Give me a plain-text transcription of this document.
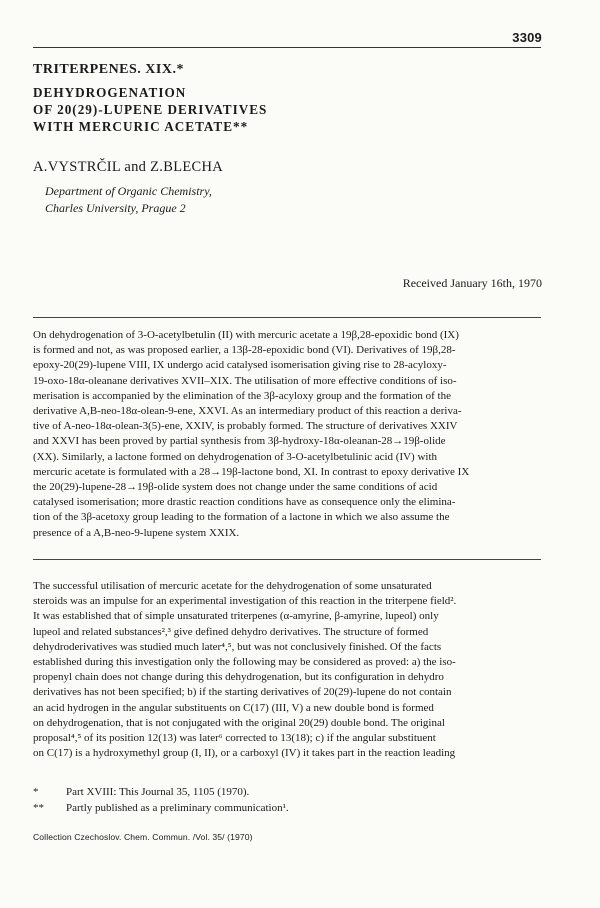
3309
TRITERPENES. XIX.*
DEHYDROGENATION
OF 20(29)-LUPENE DERIVATIVES
WITH MERCURIC ACETATE**
A.VYSTRČIL and Z.BLECHA
Department of Organic Chemistry,
Charles University, Prague 2
Received January 16th, 1970
On dehydrogenation of 3-O-acetylbetulin (II) with mercuric acetate a 19β,28-epoxidic bond (IX)
is formed and not, as was proposed earlier, a 13β-28-epoxidic bond (VI). Derivatives of 19β,28-
epoxy-20(29)-lupene VIII, IX undergo acid catalysed isomerisation giving rise to 28-acyloxy-
19-oxo-18α-oleanane derivatives XVII–XIX. The utilisation of more effective conditions of iso-
merisation is accompanied by the elimination of the 3β-acyloxy group and the formation of the
derivative A,B-neo-18α-olean-9-ene, XXVI. As an intermediary product of this reaction a deriva-
tive of A-neo-18α-olean-3(5)-ene, XXIV, is probably formed. The structure of derivatives XXIV
and XXVI has been proved by partial synthesis from 3β-hydroxy-18α-oleanan-28→19β-olide
(XX). Similarly, a lactone formed on dehydrogenation of 3-O-acetylbetulinic acid (IV) with
mercuric acetate is formulated with a 28→19β-lactone bond, XI. In contrast to epoxy derivative IX
the 20(29)-lupene-28→19β-olide system does not change under the same conditions of acid
catalysed isomerisation; more drastic reaction conditions have as consequence only the elimina-
tion of the 3β-acetoxy group leading to the formation of a lactone in which we also assume the
presence of a A,B-neo-9-lupene system XXIX.
The successful utilisation of mercuric acetate for the dehydrogenation of some unsaturated
steroids was an impulse for an experimental investigation of this reaction in the triterpene field².
It was established that of simple unsaturated triterpenes (α-amyrine, β-amyrine, lupeol) only
lupeol and related substances²,³ give defined dehydro derivatives. The structure of formed
dehydroderivatives was studied much later⁴,⁵, but was not conclusively finished. Of the facts
established during this investigation only the following may be considered as proved: a) the iso-
propenyl chain does not change during this dehydrogenation, but its configuration in dehydro
derivatives has not been specified; b) if the starting derivatives of 20(29)-lupene do not contain
an acid hydrogen in the angular substituents on C(17) (III, V) a new double bond is formed
on dehydrogenation, that is not conjugated with the original 20(29) double bond. The original
proposal⁴,⁵ of its position 12(13) was later⁶ corrected to 13(18); c) if the angular substituent
on C(17) is a hydroxymethyl group (I, II), or a carboxyl (IV) it takes part in the reaction leading
*	Part XVIII: This Journal 35, 1105 (1970).
**	Partly published as a preliminary communication¹.
Collection Czechoslov. Chem. Commun. /Vol. 35/ (1970)
